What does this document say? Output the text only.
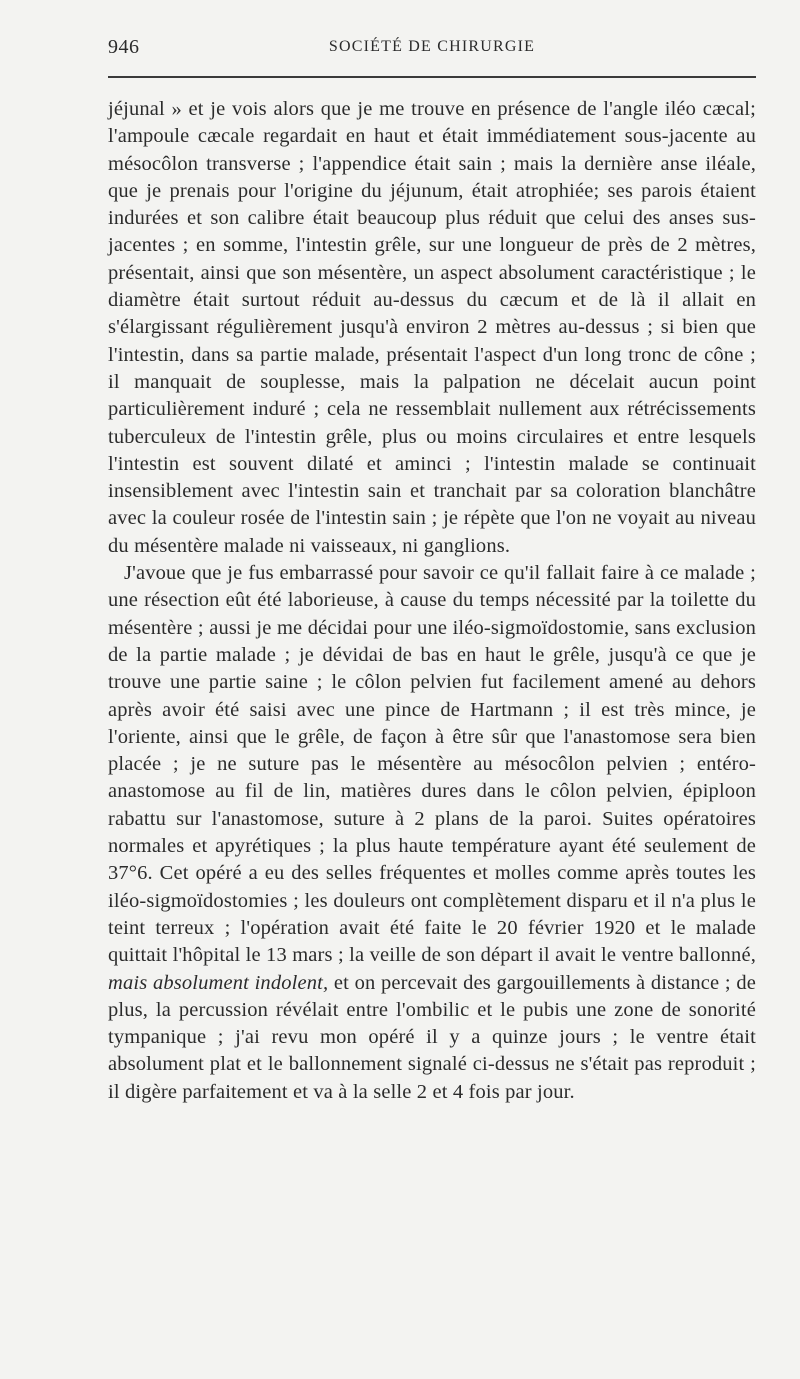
946	SOCIÉTÉ DE CHIRURGIE

jéjunal » et je vois alors que je me trouve en présence de l'angle iléo cæcal; l'ampoule cæcale regardait en haut et était immédiatement sous-jacente au mésocôlon transverse ; l'appendice était sain ; mais la dernière anse iléale, que je prenais pour l'origine du jéjunum, était atrophiée; ses parois étaient indurées et son calibre était beaucoup plus réduit que celui des anses sus-jacentes ; en somme, l'intestin grêle, sur une longueur de près de 2 mètres, présentait, ainsi que son mésentère, un aspect absolument caractéristique ; le diamètre était surtout réduit au-dessus du cæcum et de là il allait en s'élargissant régulièrement jusqu'à environ 2 mètres au-dessus ; si bien que l'intestin, dans sa partie malade, présentait l'aspect d'un long tronc de cône ; il manquait de souplesse, mais la palpation ne décelait aucun point particulièrement induré ; cela ne ressemblait nullement aux rétrécissements tuberculeux de l'intestin grêle, plus ou moins circulaires et entre lesquels l'intestin est souvent dilaté et aminci ; l'intestin malade se continuait insensiblement avec l'intestin sain et tranchait par sa coloration blanchâtre avec la couleur rosée de l'intestin sain ; je répète que l'on ne voyait au niveau du mésentère malade ni vaisseaux, ni ganglions.

J'avoue que je fus embarrassé pour savoir ce qu'il fallait faire à ce malade ; une résection eût été laborieuse, à cause du temps nécessité par la toilette du mésentère ; aussi je me décidai pour une iléo-sigmoïdostomie, sans exclusion de la partie malade ; je dévidai de bas en haut le grêle, jusqu'à ce que je trouve une partie saine ; le côlon pelvien fut facilement amené au dehors après avoir été saisi avec une pince de Hartmann ; il est très mince, je l'oriente, ainsi que le grêle, de façon à être sûr que l'anastomose sera bien placée ; je ne suture pas le mésentère au mésocôlon pelvien ; entéro-anastomose au fil de lin, matières dures dans le côlon pelvien, épiploon rabattu sur l'anastomose, suture à 2 plans de la paroi. Suites opératoires normales et apyrétiques ; la plus haute température ayant été seulement de 37°6. Cet opéré a eu des selles fréquentes et molles comme après toutes les iléo-sigmoïdostomies ; les douleurs ont complètement disparu et il n'a plus le teint terreux ; l'opération avait été faite le 20 février 1920 et le malade quittait l'hôpital le 13 mars ; la veille de son départ il avait le ventre ballonné, mais absolument indolent, et on percevait des gargouillements à distance ; de plus, la percussion révélait entre l'ombilic et le pubis une zone de sonorité tympanique ; j'ai revu mon opéré il y a quinze jours ; le ventre était absolument plat et le ballonnement signalé ci-dessus ne s'était pas reproduit ; il digère parfaitement et va à la selle 2 et 4 fois par jour.
